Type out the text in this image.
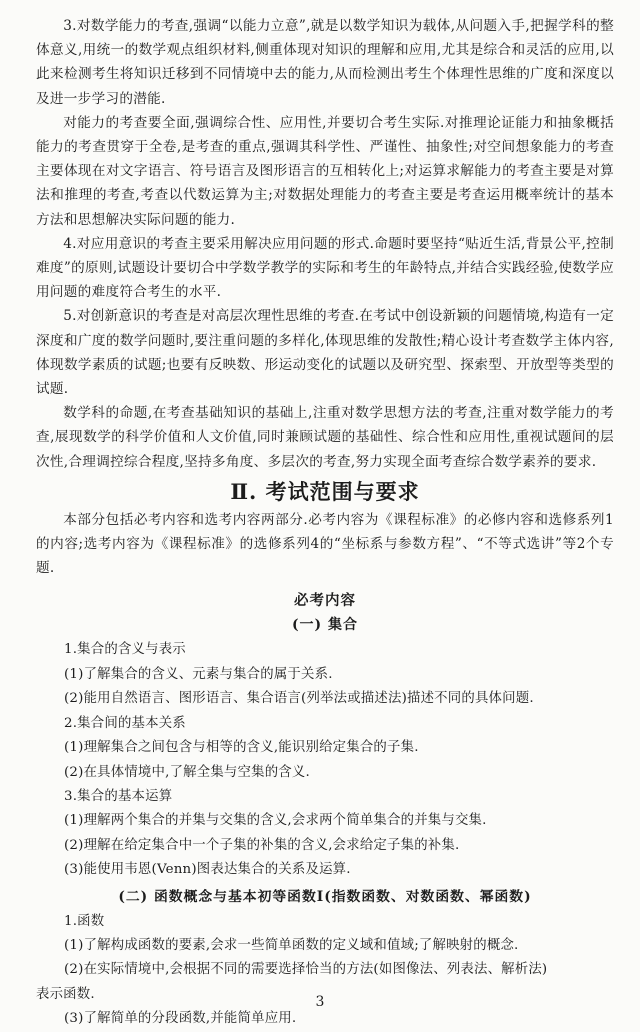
3.对数学能力的考查,强调“以能力立意”,就是以数学知识为载体,从问题入手,把握学科的整体意义,用统一的数学观点组织材料,侧重体现对知识的理解和应用,尤其是综合和灵活的应用,以此来检测考生将知识迁移到不同情境中去的能力,从而检测出考生个体理性思维的广度和深度以及进一步学习的潜能.

对能力的考查要全面,强调综合性、应用性,并要切合考生实际.对推理论证能力和抽象概括能力的考查贯穿于全卷,是考查的重点,强调其科学性、严谨性、抽象性;对空间想象能力的考查主要体现在对文字语言、符号语言及图形语言的互相转化上;对运算求解能力的考查主要是对算法和推理的考查,考查以代数运算为主;对数据处理能力的考查主要是考查运用概率统计的基本方法和思想解决实际问题的能力.

4.对应用意识的考查主要采用解决应用问题的形式.命题时要坚持“贴近生活,背景公平,控制难度”的原则,试题设计要切合中学数学教学的实际和考生的年龄特点,并结合实践经验,使数学应用问题的难度符合考生的水平.

5.对创新意识的考查是对高层次理性思维的考查.在考试中创设新颖的问题情境,构造有一定深度和广度的数学问题时,要注重问题的多样化,体现思维的发散性;精心设计考查数学主体内容,体现数学素质的试题;也要有反映数、形运动变化的试题以及研究型、探索型、开放型等类型的试题.

数学科的命题,在考查基础知识的基础上,注重对数学思想方法的考查,注重对数学能力的考查,展现数学的科学价值和人文价值,同时兼顾试题的基础性、综合性和应用性,重视试题间的层次性,合理调控综合程度,坚持多角度、多层次的考查,努力实现全面考查综合数学素养的要求.

Ⅱ. 考试范围与要求

本部分包括必考内容和选考内容两部分.必考内容为《课程标准》的必修内容和选修系列1的内容;选考内容为《课程标准》的选修系列4的“坐标系与参数方程”、“不等式选讲”等2个专题.

必考内容
(一) 集合
1.集合的含义与表示
(1)了解集合的含义、元素与集合的属于关系.
(2)能用自然语言、图形语言、集合语言(列举法或描述法)描述不同的具体问题.
2.集合间的基本关系
(1)理解集合之间包含与相等的含义,能识别给定集合的子集.
(2)在具体情境中,了解全集与空集的含义.
3.集合的基本运算
(1)理解两个集合的并集与交集的含义,会求两个简单集合的并集与交集.
(2)理解在给定集合中一个子集的补集的含义,会求给定子集的补集.
(3)能使用韦恩(Venn)图表达集合的关系及运算.
(二) 函数概念与基本初等函数Ⅰ(指数函数、对数函数、幂函数)
1.函数
(1)了解构成函数的要素,会求一些简单函数的定义域和值域;了解映射的概念.
(2)在实际情境中,会根据不同的需要选择恰当的方法(如图像法、列表法、解析法)
表示函数.
(3)了解简单的分段函数,并能简单应用.
3
